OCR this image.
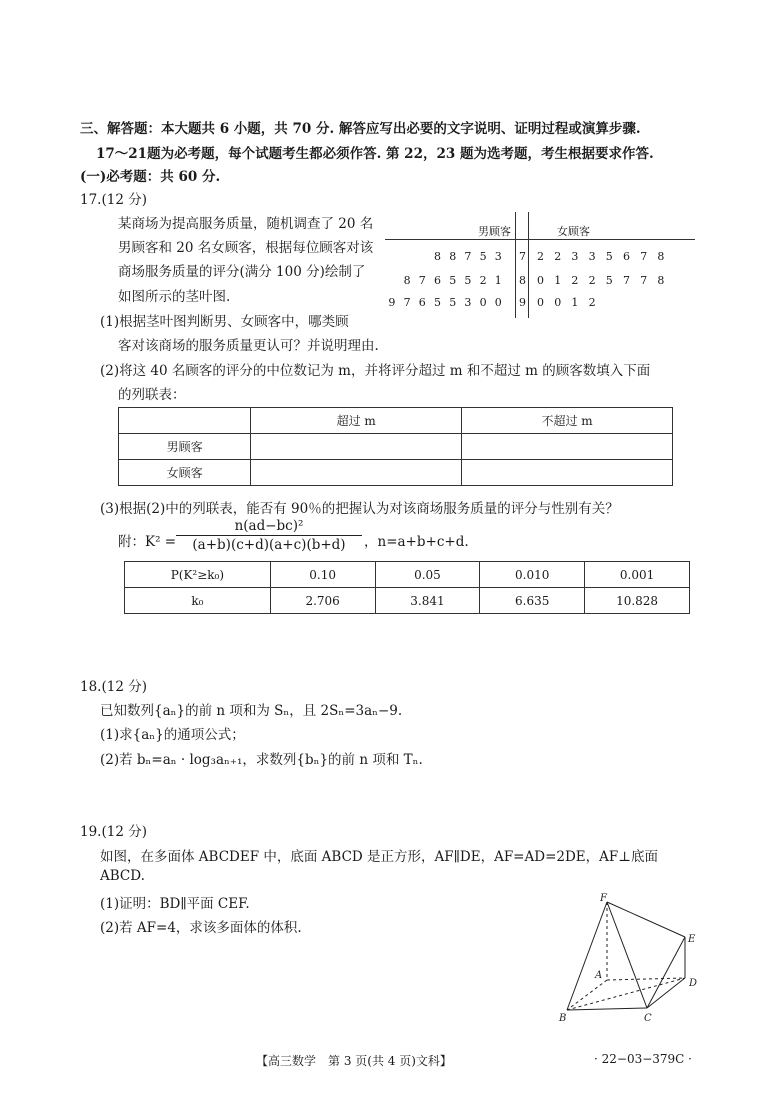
三、解答题：本大题共 6 小题，共 70 分. 解答应写出必要的文字说明、证明过程或演算步骤.
17～21题为必考题，每个试题考生都必须作答. 第 22，23 题为选考题，考生根据要求作答.
(一)必考题：共 60 分.
17.(12 分)
某商场为提高服务质量，随机调查了 20 名
男顾客和 20 名女顾客，根据每位顾客对该
商场服务质量的评分(满分 100 分)绘制了
如图所示的茎叶图.
男顾客	女顾客
88753 7 22335678
8765521 8 01225778
97655300 9 0012
(1)根据茎叶图判断男、女顾客中，哪类顾
客对该商场的服务质量更认可？并说明理由.
(2)将这 40 名顾客的评分的中位数记为 m，并将评分超过 m 和不超过 m 的顾客数填入下面
的列联表：
	超过 m	不超过 m
男顾客		
女顾客		
(3)根据(2)中的列联表，能否有 90％的把握认为对该商场服务质量的评分与性别有关？
附：K² =
n(ad−bc)²
(a+b)(c+d)(a+c)(b+d)	，n=a+b+c+d.
P(K²≥k₀)	0.10	0.05	0.010	0.001
k₀	2.706	3.841	6.635	10.828
18.(12 分)
已知数列{aₙ}的前 n 项和为 Sₙ，且 2Sₙ=3aₙ−9.
(1)求{aₙ}的通项公式；
(2)若 bₙ=aₙ · log₃aₙ₊₁，求数列{bₙ}的前 n 项和 Tₙ.
19.(12 分)
如图，在多面体 ABCDEF 中，底面 ABCD 是正方形，AF∥DE，AF=AD=2DE，AF⊥底面
ABCD.
(1)证明：BD∥平面 CEF.
(2)若 AF=4，求该多面体的体积.
F
E
A
D
B	C
【高三数学　第 3 页(共 4 页)文科】	· 22−03−379C ·
